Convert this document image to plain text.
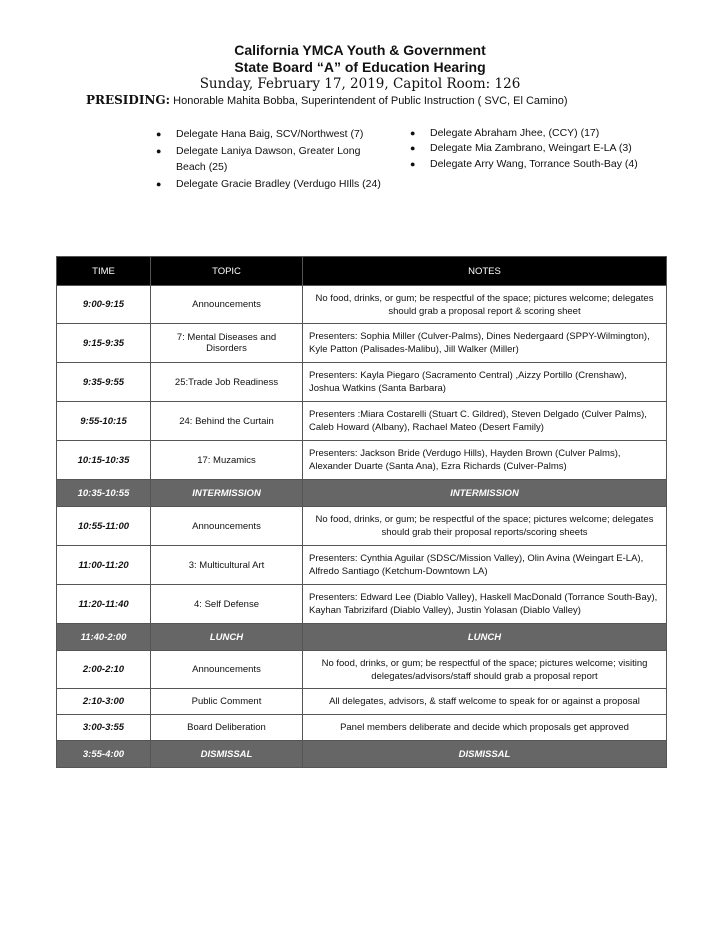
California YMCA Youth & Government
State Board “A” of Education Hearing
Sunday, February 17, 2019, Capitol Room: 126
PRESIDING: Honorable Mahita Bobba, Superintendent of Public Instruction ( SVC, El Camino)
● Delegate Hana Baig, SCV/Northwest (7)
● Delegate Laniya Dawson, Greater Long Beach (25)
● Delegate Gracie Bradley (Verdugo HIlls (24)
● Delegate Abraham Jhee, (CCY) (17)
● Delegate Mia Zambrano, Weingart E-LA (3)
● Delegate Arry Wang, Torrance South-Bay (4)
TIME	TOPIC	NOTES
9:00-9:15	Announcements	No food, drinks, or gum; be respectful of the space; pictures welcome; delegates should grab a proposal report & scoring sheet
9:15-9:35	7: Mental Diseases and Disorders	Presenters: Sophia Miller (Culver-Palms), Dines Nedergaard (SPPY-Wilmington), Kyle Patton (Palisades-Malibu), Jill Walker (Miller)
9:35-9:55	25:Trade Job Readiness	Presenters: Kayla Piegaro (Sacramento Central) ,Aizzy Portillo (Crenshaw), Joshua Watkins (Santa Barbara)
9:55-10:15	24: Behind the Curtain	Presenters :Miara Costarelli (Stuart C. Gildred), Steven Delgado (Culver Palms), Caleb Howard (Albany), Rachael Mateo (Desert Family)
10:15-10:35	17: Muzamics	Presenters: Jackson Bride (Verdugo Hills), Hayden Brown (Culver Palms), Alexander Duarte (Santa Ana), Ezra Richards (Culver-Palms)
10:35-10:55	INTERMISSION	INTERMISSION
10:55-11:00	Announcements	No food, drinks, or gum; be respectful of the space; pictures welcome; delegates should grab their proposal reports/scoring sheets
11:00-11:20	3: Multicultural Art	Presenters: Cynthia Aguilar (SDSC/Mission Valley), Olin Avina (Weingart E-LA), Alfredo Santiago (Ketchum-Downtown LA)
11:20-11:40	4: Self Defense	Presenters: Edward Lee (Diablo Valley), Haskell MacDonald (Torrance South-Bay), Kayhan Tabrizifard (Diablo Valley), Justin Yolasan (Diablo Valley)
11:40-2:00	LUNCH	LUNCH
2:00-2:10	Announcements	No food, drinks, or gum; be respectful of the space; pictures welcome; visiting delegates/advisors/staff should grab a proposal report
2:10-3:00	Public Comment	All delegates, advisors, & staff welcome to speak for or against a proposal
3:00-3:55	Board Deliberation	Panel members deliberate and decide which proposals get approved
3:55-4:00	DISMISSAL	DISMISSAL
